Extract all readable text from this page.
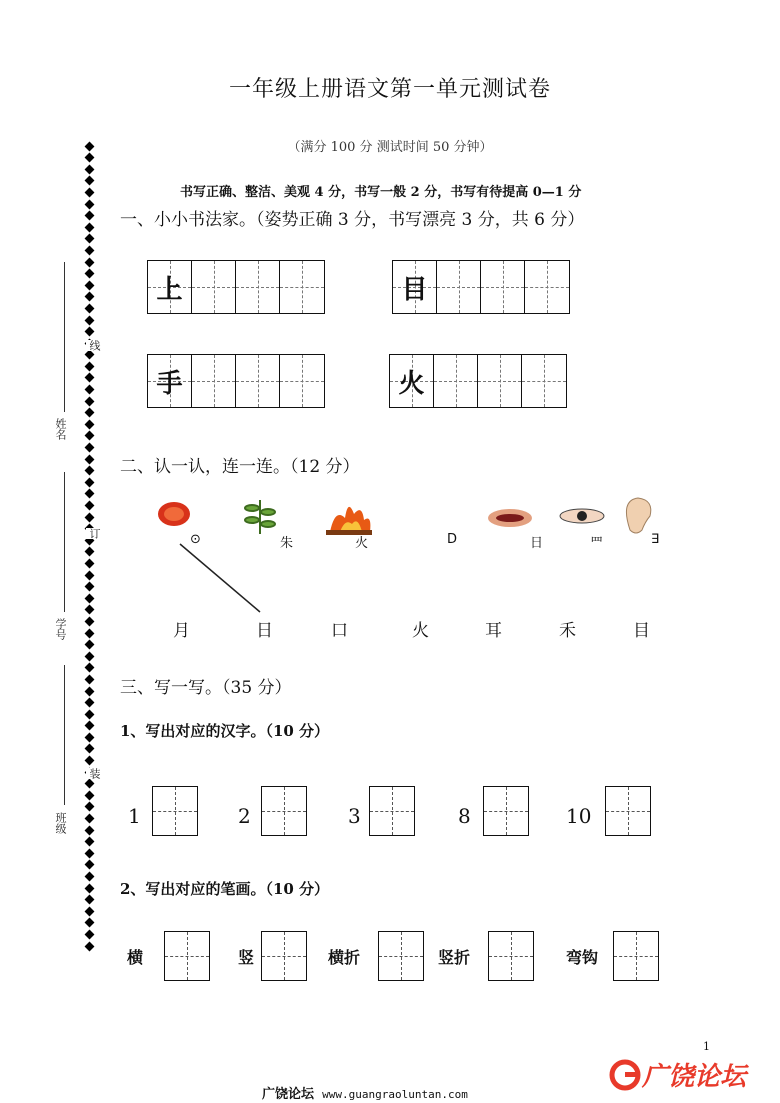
一年级上册语文第一单元测试卷
（满分 100 分 测试时间 50 分钟）
书写正确、整洁、美观 4 分，书写一般 2 分，书写有待提高 0—1 分
线
订
装
姓名
学号
班级
一、小小书法家。（姿势正确 3 分，书写漂亮 3 分，共 6 分）
上	目
手	火
二、认一认，连一连。（12 分）
⊙	朱	火	D	日	罒	∃
月	日	口	火	耳	禾	目
三、写一写。（35 分）
1、写出对应的汉字。（10 分）
1	2	3	8	10
2、写出对应的笔画。（10 分）
横	竖	横折	竖折	弯钩
1
广饶论坛 www.guangraoluntan.com
广饶论坛
